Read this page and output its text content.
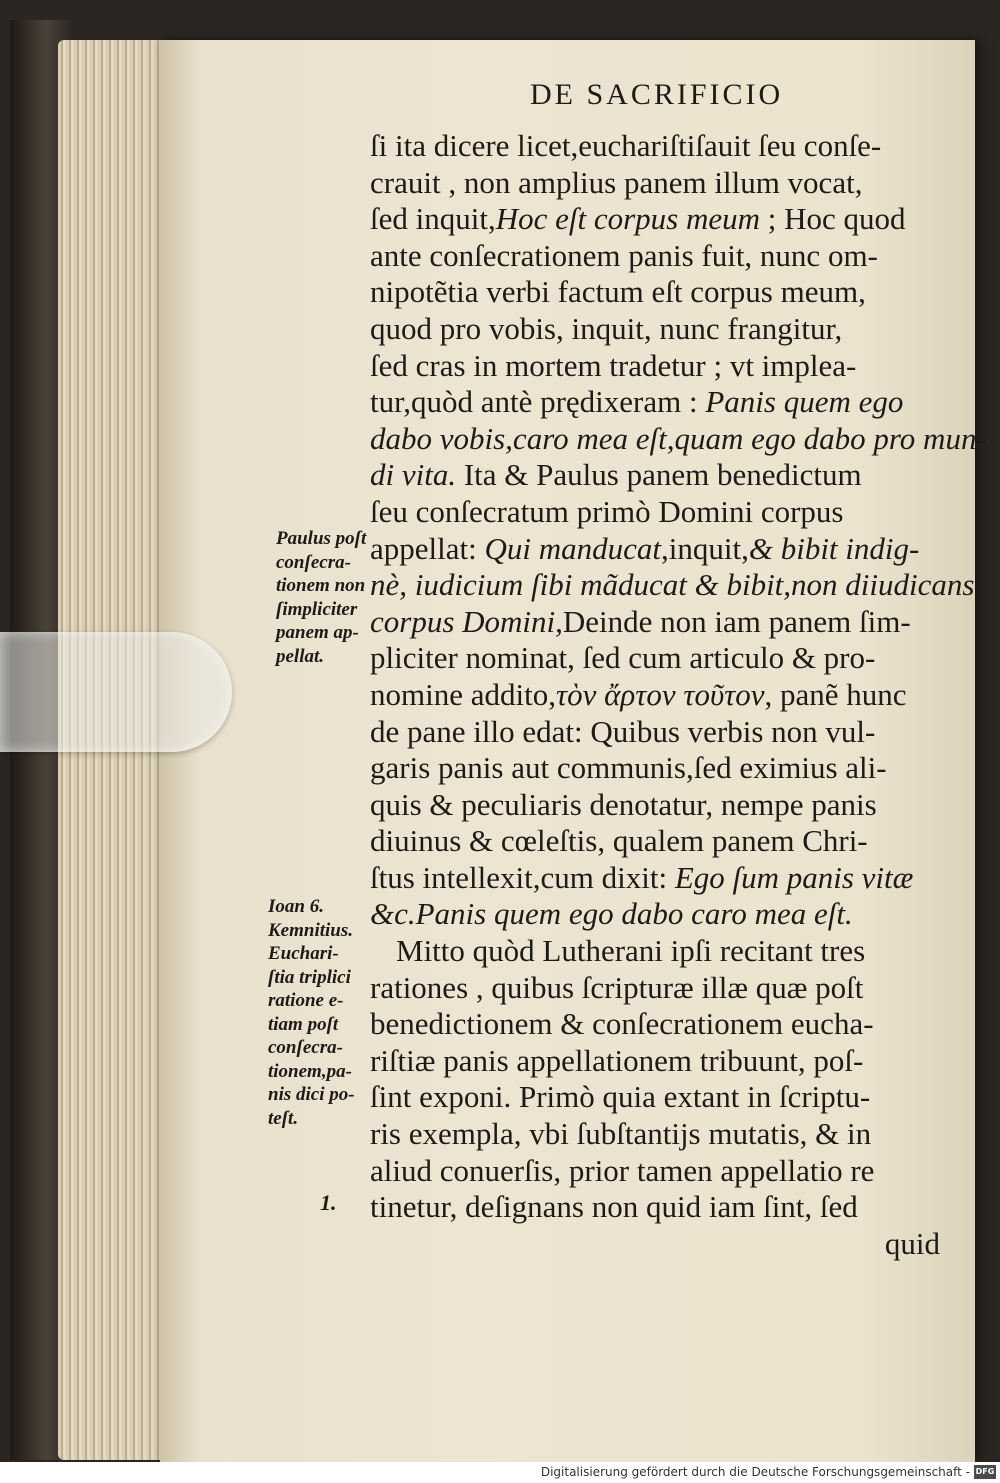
DE SACRIFICIO
ſi ita dicere licet,euchariſtiſauit ſeu conſe-
crauit , non amplius panem illum vocat,
ſed inquit,Hoc eſt corpus meum ; Hoc quod
ante conſecrationem panis fuit, nunc om-
nipotẽtia verbi factum eſt corpus meum,
quod pro vobis, inquit, nunc frangitur,
ſed cras in mortem tradetur ; vt implea-
tur,quòd antè prędixeram : Panis quem ego
dabo vobis,caro mea eſt,quam ego dabo pro mun-
di vita. Ita & Paulus panem benedictum
ſeu conſecratum primò Domini corpus
appellat: Qui manducat,inquit,& bibit indig-
nè, iudicium ſibi mãducat & bibit,non diiudicans
corpus Domini,Deinde non iam panem ſim-
pliciter nominat, ſed cum articulo & pro-
nomine addito,τὸν ἄρτον τοῦτον, panẽ hunc
de pane illo edat: Quibus verbis non vul-
garis panis aut communis,ſed eximius ali-
quis & peculiaris denotatur, nempe panis
diuinus & cœleſtis, qualem panem Chri-
ſtus intellexit,cum dixit: Ego ſum panis vitæ
&c.Panis quem ego dabo caro mea eſt.
Mitto quòd Lutherani ipſi recitant tres
rationes , quibus ſcripturæ illæ quæ poſt
benedictionem & conſecrationem eucha-
riſtiæ panis appellationem tribuunt, poſ-
ſint exponi. Primò quia extant in ſcriptu-
ris exempla, vbi ſubſtantijs mutatis, & in
aliud conuerſis, prior tamen appellatio re
tinetur, deſignans non quid iam ſint, ſed
quid
Paulus poſt
conſecra-
tionem non
ſimpliciter
panem ap-
pellat.
Ioan 6.
Kemnitius.
Euchari-
ſtia triplici
ratione e-
tiam poſt
conſecra-
tionem,pa-
nis dici po-
teſt.
1.
Digitalisierung gefördert durch die Deutsche Forschungsgemeinschaft - DFG
